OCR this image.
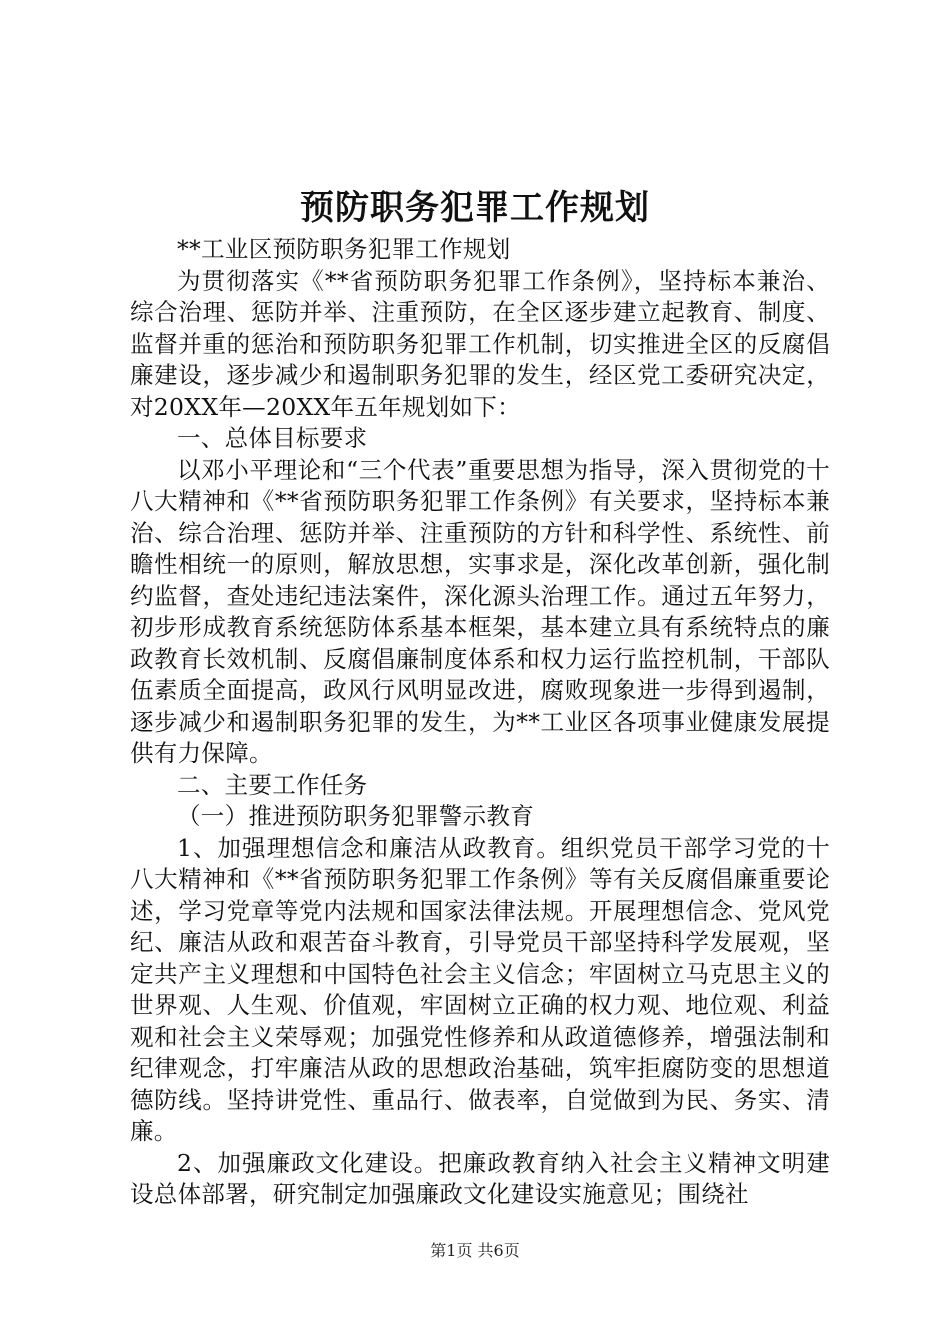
预防职务犯罪工作规划

**工业区预防职务犯罪工作规划

为贯彻落实《**省预防职务犯罪工作条例》，坚持标本兼治、综合治理、惩防并举、注重预防，在全区逐步建立起教育、制度、监督并重的惩治和预防职务犯罪工作机制，切实推进全区的反腐倡廉建设，逐步减少和遏制职务犯罪的发生，经区党工委研究决定，对20XX年—20XX年五年规划如下：

一、总体目标要求

以邓小平理论和“三个代表”重要思想为指导，深入贯彻党的十八大精神和《**省预防职务犯罪工作条例》有关要求，坚持标本兼治、综合治理、惩防并举、注重预防的方针和科学性、系统性、前瞻性相统一的原则，解放思想，实事求是，深化改革创新，强化制约监督，查处违纪违法案件，深化源头治理工作。通过五年努力，初步形成教育系统惩防体系基本框架，基本建立具有系统特点的廉政教育长效机制、反腐倡廉制度体系和权力运行监控机制，干部队伍素质全面提高，政风行风明显改进，腐败现象进一步得到遏制，逐步减少和遏制职务犯罪的发生，为**工业区各项事业健康发展提供有力保障。

二、主要工作任务

（一）推进预防职务犯罪警示教育

1、加强理想信念和廉洁从政教育。组织党员干部学习党的十八大精神和《**省预防职务犯罪工作条例》等有关反腐倡廉重要论述，学习党章等党内法规和国家法律法规。开展理想信念、党风党纪、廉洁从政和艰苦奋斗教育，引导党员干部坚持科学发展观，坚定共产主义理想和中国特色社会主义信念；牢固树立马克思主义的世界观、人生观、价值观，牢固树立正确的权力观、地位观、利益观和社会主义荣辱观；加强党性修养和从政道德修养，增强法制和纪律观念，打牢廉洁从政的思想政治基础，筑牢拒腐防变的思想道德防线。坚持讲党性、重品行、做表率，自觉做到为民、务实、清廉。

2、加强廉政文化建设。把廉政教育纳入社会主义精神文明建设总体部署，研究制定加强廉政文化建设实施意见；围绕社

第1页 共6页
